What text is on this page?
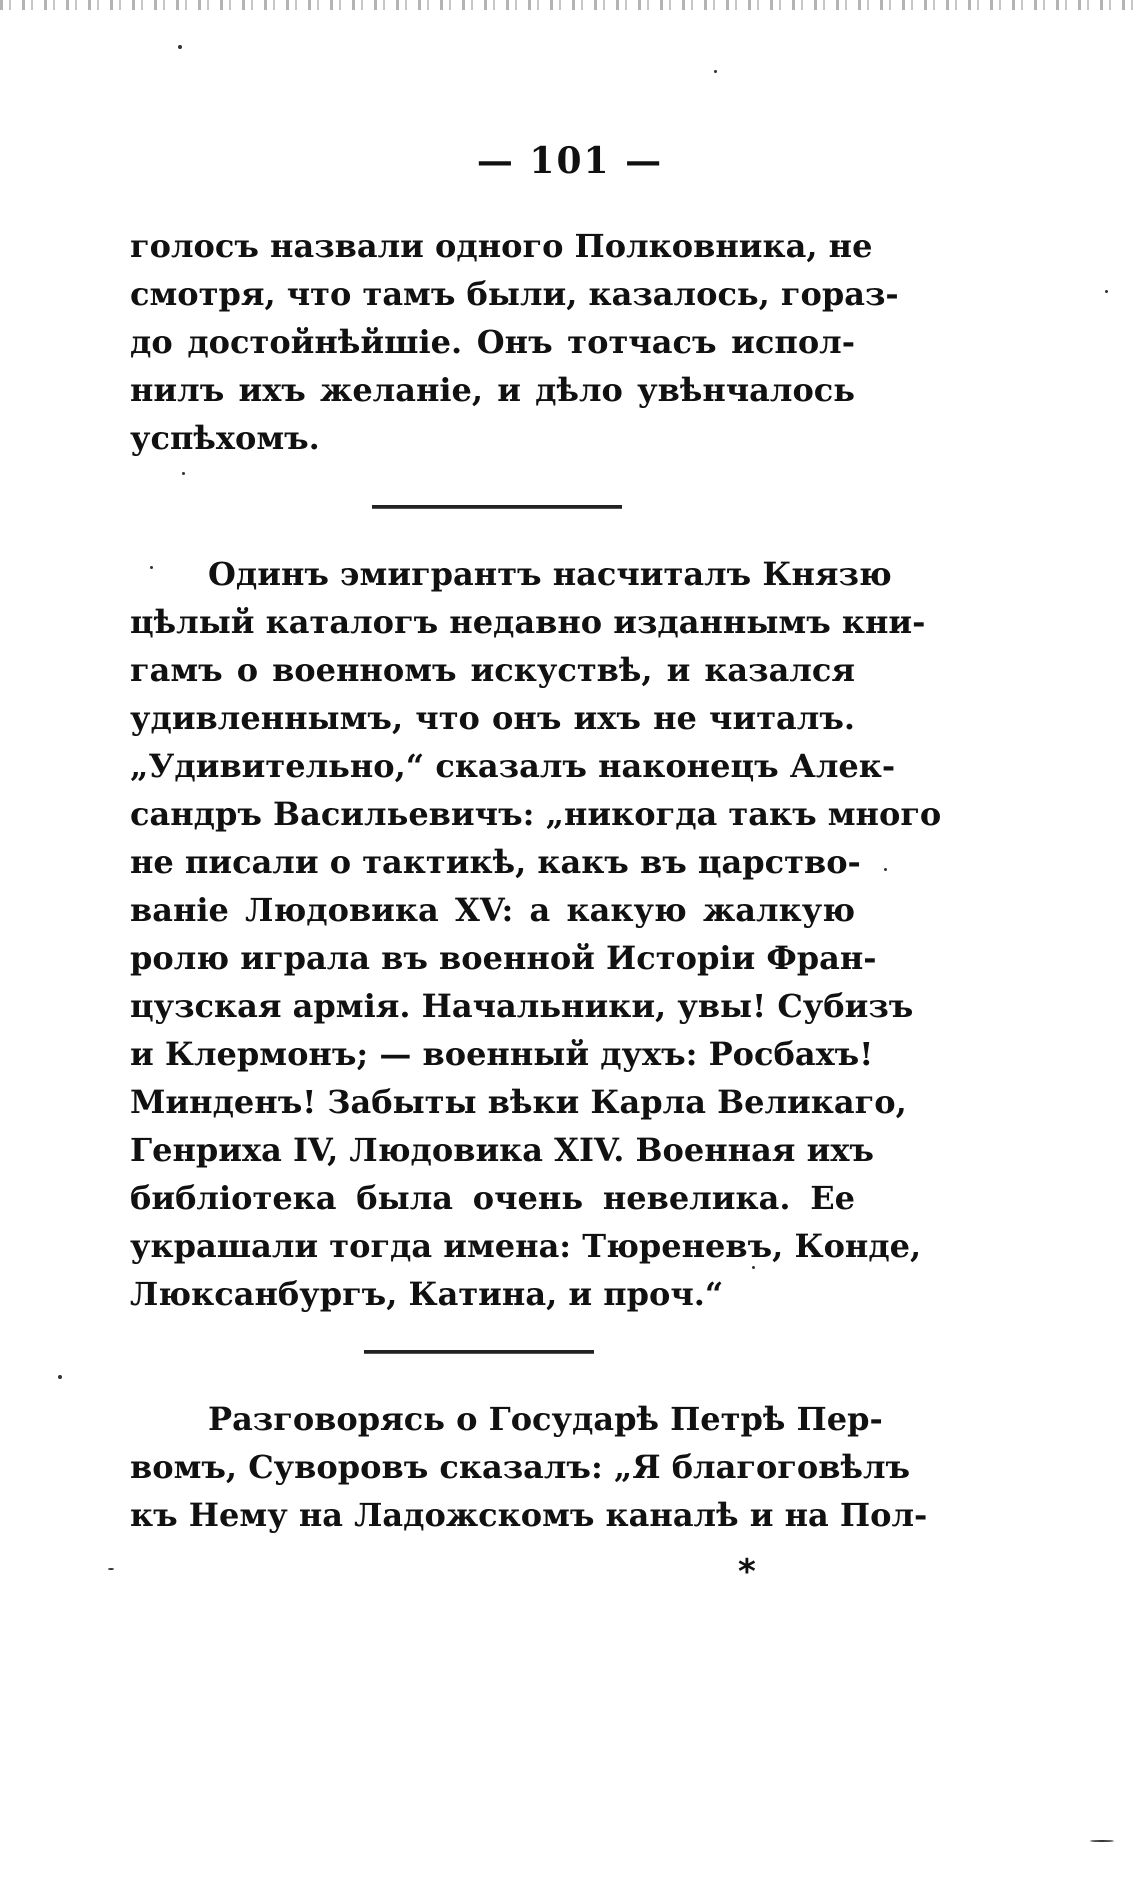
— 101 —
голосъ назвали одного Полковника, не
смотря, что тамъ были, казалось, гораз-
до достойнѣйшіе. Онъ тотчасъ испол-
нилъ ихъ желаніе, и дѣло увѣнчалось
успѣхомъ.
Одинъ эмигрантъ насчиталъ Князю
цѣлый каталогъ недавно изданнымъ кни-
гамъ о военномъ искуствѣ, и казался
удивленнымъ, что онъ ихъ не читалъ.
„Удивительно,“ сказалъ наконецъ Алек-
сандръ Васильевичъ: „никогда такъ много
не писали о тактикѣ, какъ въ царство-
ваніе Людовика XV: а какую жалкую
ролю играла въ военной Исторіи Фран-
цузская армія. Начальники, увы! Субизъ
и Клермонъ; — военный духъ: Росбахъ!
Минденъ! Забыты вѣки Карла Великаго,
Генриха IV, Людовика XIV. Военная ихъ
библіотека была очень невелика. Ее
украшали тогда имена: Тюреневъ, Конде,
Люксанбургъ, Катина, и проч.“
Разговорясь о Государѣ Петрѣ Пер-
вомъ, Суворовъ сказалъ: „Я благоговѣлъ
къ Нему на Ладожскомъ каналѣ и на Пол-
*
